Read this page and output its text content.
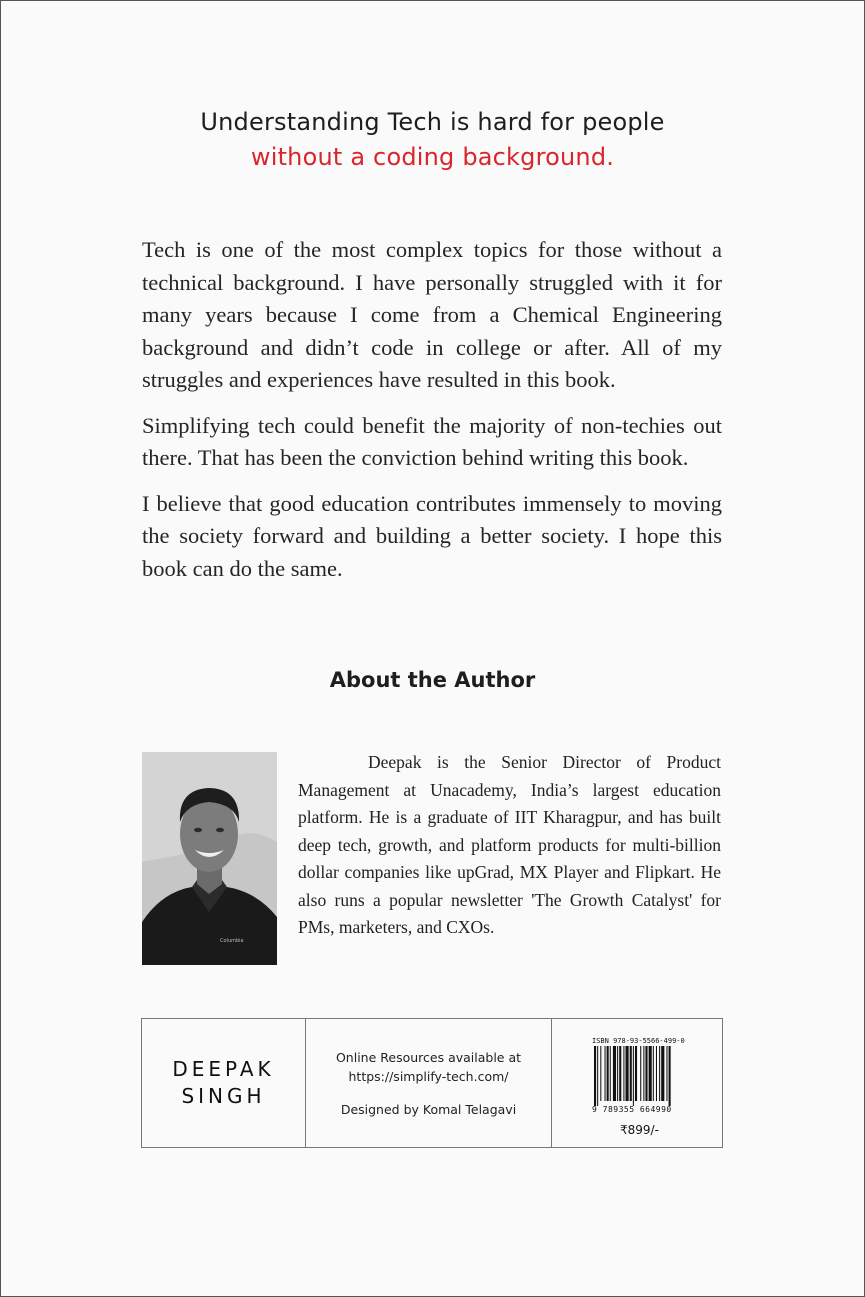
Understanding Tech is hard for people
without a coding background.

Tech is one of the most complex topics for those without a technical background. I have personally struggled with it for many years because I come from a Chemical Engineering background and didn’t code in college or after. All of my struggles and experiences have resulted in this book.

Simplifying tech could benefit the majority of non-techies out there. That has been the conviction behind writing this book.

I believe that good education contributes immensely to moving the society forward and building a better society. I hope this book can do the same.

About the Author
Columbia
Deepak is the Senior Director of Product Management at Unacademy, India’s largest education platform. He is a graduate of IIT Kharagpur, and has built deep tech, growth, and platform products for multi-billion dollar companies like upGrad, MX Player and Flipkart. He also runs a popular newsletter 'The Growth Catalyst' for PMs, marketers, and CXOs.
DEEPAK
SINGH
Online Resources available at
https://simplify-tech.com/
Designed by Komal Telagavi
ISBN 978-93-5566-499-0
9 789355 664990
₹899/-
